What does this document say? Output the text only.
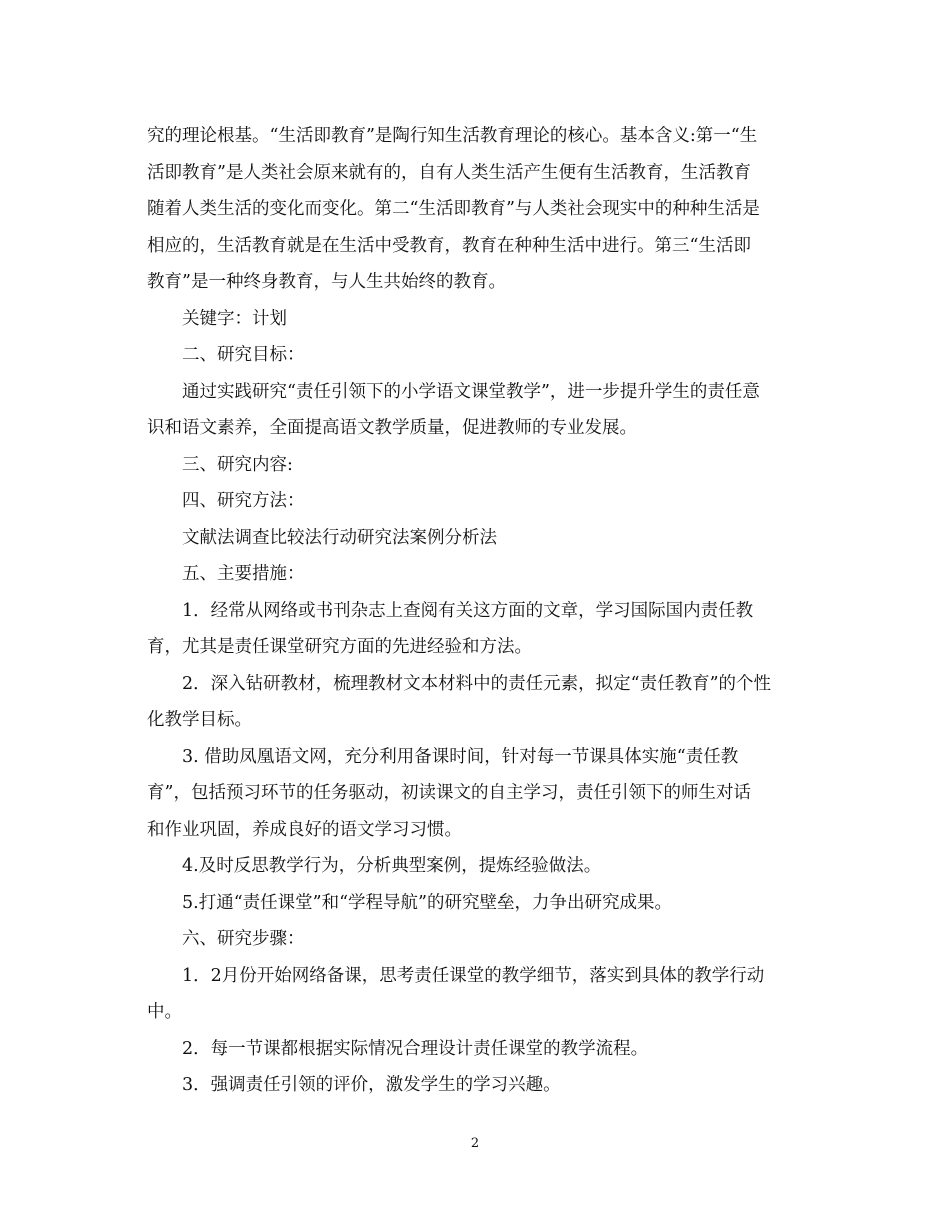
究的理论根基。“生活即教育”是陶行知生活教育理论的核心。基本含义:第一“生
活即教育”是人类社会原来就有的，自有人类生活产生便有生活教育，生活教育
随着人类生活的变化而变化。第二“生活即教育”与人类社会现实中的种种生活是
相应的，生活教育就是在生活中受教育，教育在种种生活中进行。第三“生活即
教育”是一种终身教育，与人生共始终的教育。
关键字：计划
二、研究目标：
通过实践研究“责任引领下的小学语文课堂教学”，进一步提升学生的责任意
识和语文素养，全面提高语文教学质量，促进教师的专业发展。
三、研究内容:
四、研究方法：
文献法调查比较法行动研究法案例分析法
五、主要措施：
1．经常从网络或书刊杂志上查阅有关这方面的文章，学习国际国内责任教
育，尤其是责任课堂研究方面的先进经验和方法。
2．深入钻研教材，梳理教材文本材料中的责任元素，拟定“责任教育”的个性
化教学目标。
3. 借助凤凰语文网，充分利用备课时间，针对每一节课具体实施“责任教
育”，包括预习环节的任务驱动，初读课文的自主学习，责任引领下的师生对话
和作业巩固，养成良好的语文学习习惯。
4.及时反思教学行为，分析典型案例，提炼经验做法。
5.打通“责任课堂”和“学程导航”的研究壁垒，力争出研究成果。
六、研究步骤：
1．2月份开始网络备课，思考责任课堂的教学细节，落实到具体的教学行动
中。
2．每一节课都根据实际情况合理设计责任课堂的教学流程。
3．强调责任引领的评价，激发学生的学习兴趣。
2
